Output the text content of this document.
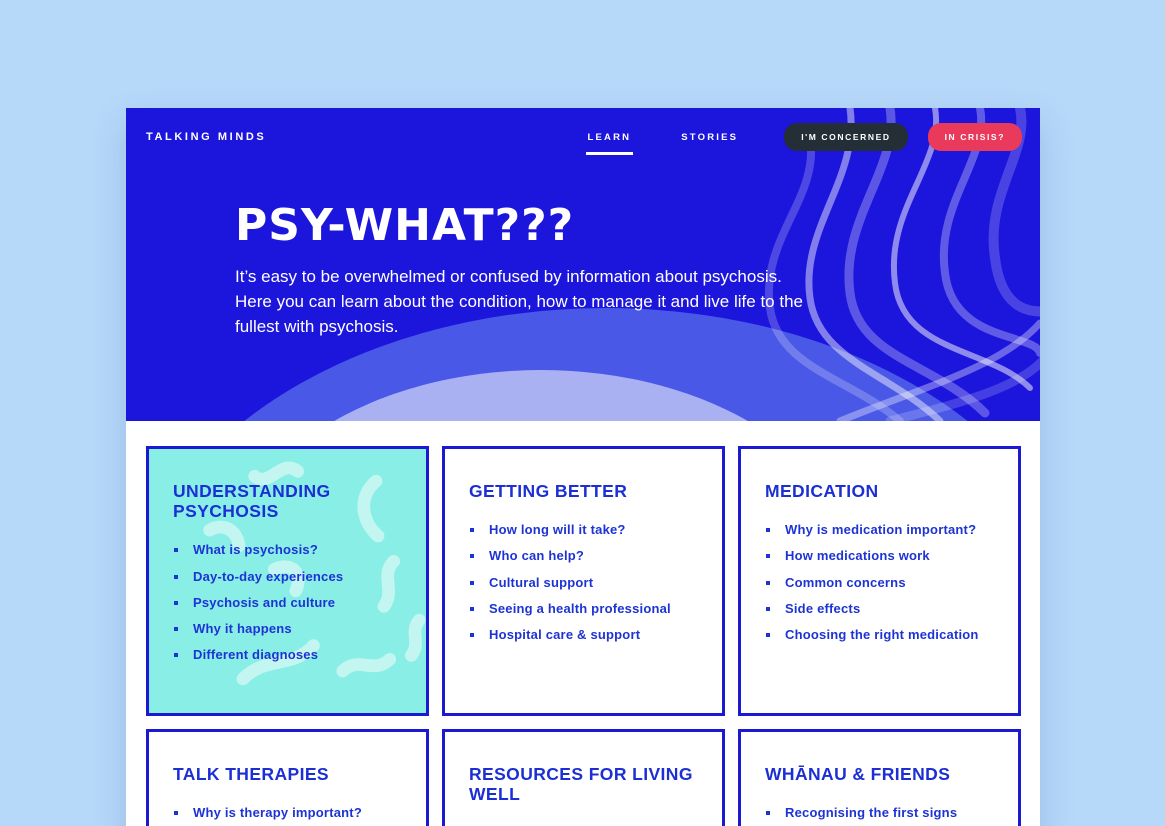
TALKING MINDS	LEARN	STORIES	I'M CONCERNED	IN CRISIS?
PSY-WHAT???

It’s easy to be overwhelmed or confused by information about psychosis. Here you can learn about the condition, how to manage it and live life to the fullest with psychosis.

UNDERSTANDING PSYCHOSIS
What is psychosis?
Day-to-day experiences
Psychosis and culture
Why it happens
Different diagnoses
GETTING BETTER
How long will it take?
Who can help?
Cultural support
Seeing a health professional
Hospital care & support
MEDICATION
Why is medication important?
How medications work
Common concerns
Side effects
Choosing the right medication
TALK THERAPIES
Why is therapy important?
RESOURCES FOR LIVING WELL
WHĀNAU & FRIENDS
Recognising the first signs
